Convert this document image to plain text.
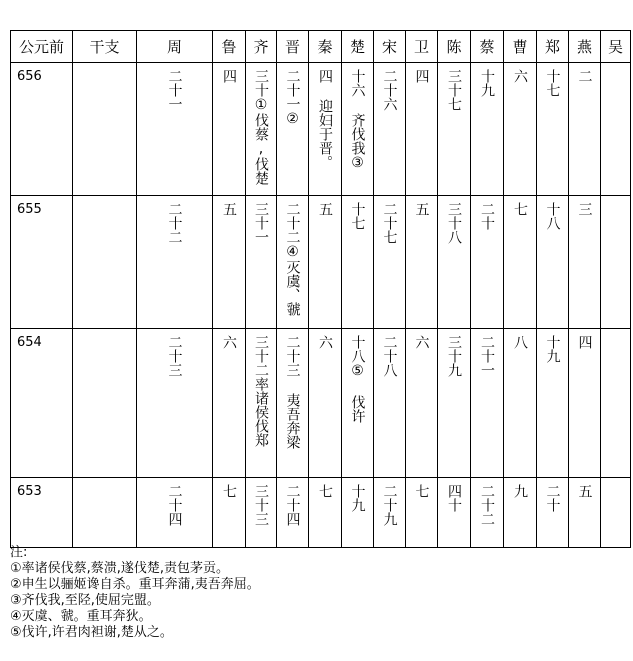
公元前	干支	周	鲁	齐	晋	秦	楚	宋	卫	陈	蔡	曹	郑	燕	吴
656		二十一	四	三十①伐蔡,伐楚	二十一②	四 迎妇于晋。	十六 齐伐我③	二十六	四	三十七	十九	六	十七	二	
655		二十二	五	三十一	二十二④灭虞、虢	五	十七	二十七	五	三十八	二十	七	十八	三	
654		二十三	六	三十二率诸侯伐郑	二十三 夷吾奔梁	六	十八⑤ 伐许	二十八	六	三十九	二十一	八	十九	四	
653		二十四	七	三十三	二十四	七	十九	二十九	七	四十	二十二	九	二十	五	
注:
①率诸侯伐蔡,蔡溃,遂伐楚,责包茅贡。
②申生以骊姬谗自杀。重耳奔蒲,夷吾奔屈。
③齐伐我,至陉,使屈完盟。
④灭虞、虢。重耳奔狄。
⑤伐许,许君肉袒谢,楚从之。
